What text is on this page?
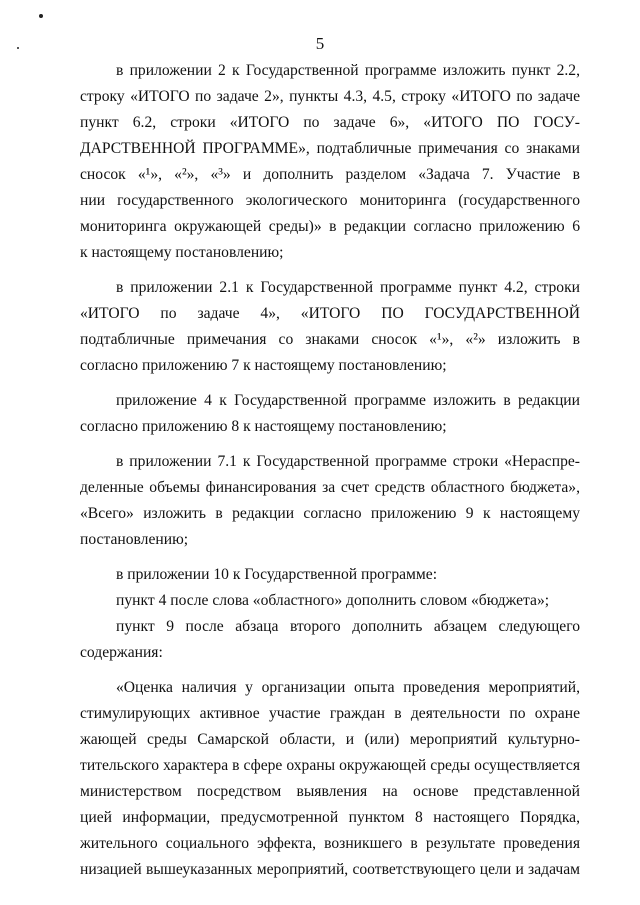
5
в приложении 2 к Государственной программе изложить пункт 2.2,
строку «ИТОГО по задаче 2», пункты 4.3, 4.5, строку «ИТОГО по задаче
пункт 6.2, строки «ИТОГО по задаче 6», «ИТОГО ПО ГОСУ-
ДАРСТВЕННОЙ ПРОГРАММЕ», подтабличные примечания со знаками
сносок «¹», «²», «³» и дополнить разделом «Задача 7. Участие в
нии государственного экологического мониторинга (государственного
мониторинга окружающей среды)» в редакции согласно приложению 6
к настоящему постановлению;
в приложении 2.1 к Государственной программе пункт 4.2, строки
«ИТОГО по задаче 4», «ИТОГО ПО ГОСУДАРСТВЕННОЙ
подтабличные примечания со знаками сносок «¹», «²» изложить в
согласно приложению 7 к настоящему постановлению;
приложение 4 к Государственной программе изложить в редакции
согласно приложению 8 к настоящему постановлению;
в приложении 7.1 к Государственной программе строки «Нераспре-
деленные объемы финансирования за счет средств областного бюджета»,
«Всего» изложить в редакции согласно приложению 9 к настоящему
постановлению;
в приложении 10 к Государственной программе:
пункт 4 после слова «областного» дополнить словом «бюджета»;
пункт 9 после абзаца второго дополнить абзацем следующего
содержания:
«Оценка наличия у организации опыта проведения мероприятий,
стимулирующих активное участие граждан в деятельности по охране
жающей среды Самарской области, и (или) мероприятий культурно-
тительского характера в сфере охраны окружающей среды осуществляется
министерством посредством выявления на основе представленной
цией информации, предусмотренной пунктом 8 настоящего Порядка,
жительного социального эффекта, возникшего в результате проведения
низацией вышеуказанных мероприятий, соответствующего цели и задачам
